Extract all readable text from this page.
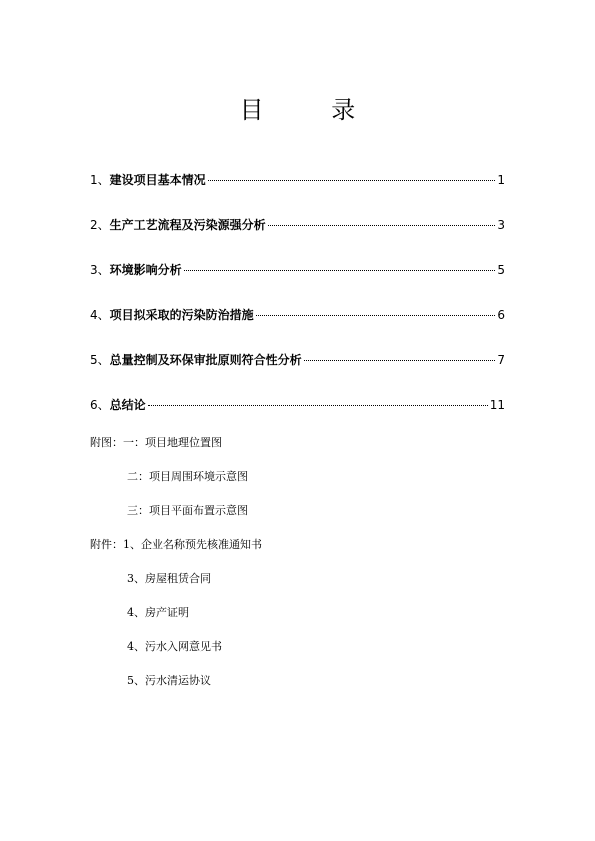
目 录
1、 建设项目基本情况	1
2、 生产工艺流程及污染源强分析	3
3、 环境影响分析	5
4、 项目拟采取的污染防治措施	6
5、 总量控制及环保审批原则符合性分析	7
6、 总结论	11
附图：一：项目地理位置图
二：项目周围环境示意图
三：项目平面布置示意图
附件：1、企业名称预先核准通知书
3、房屋租赁合同
4、房产证明
4、污水入网意见书
5、污水清运协议
